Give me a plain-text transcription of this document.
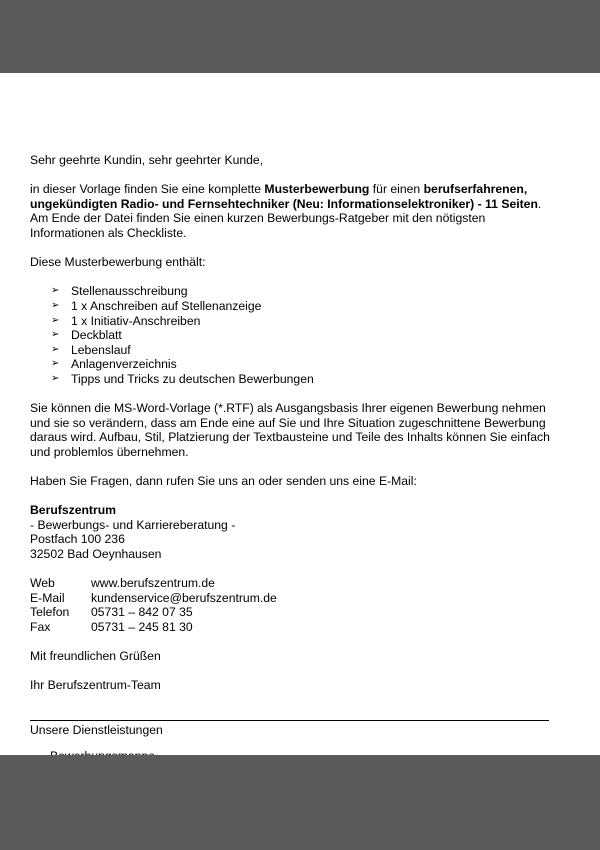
Sehr geehrte Kundin, sehr geehrter Kunde,

in dieser Vorlage finden Sie eine komplette Musterbewerbung für einen berufserfahrenen, ungekündigten Radio- und Fernsehtechniker (Neu: Informationselektroniker) - 11 Seiten. Am Ende der Datei finden Sie einen kurzen Bewerbungs-Ratgeber mit den nötigsten Informationen als Checkliste.

Diese Musterbewerbung enthält:

➢ Stellenausschreibung
➢ 1 x Anschreiben auf Stellenanzeige
➢ 1 x Initiativ-Anschreiben
➢ Deckblatt
➢ Lebenslauf
➢ Anlagenverzeichnis
➢ Tipps und Tricks zu deutschen Bewerbungen

Sie können die MS-Word-Vorlage (*.RTF) als Ausgangsbasis Ihrer eigenen Bewerbung nehmen und sie so verändern, dass am Ende eine auf Sie und Ihre Situation zugeschnittene Bewerbung daraus wird. Aufbau, Stil, Platzierung der Textbausteine und Teile des Inhalts können Sie einfach und problemlos übernehmen.

Haben Sie Fragen, dann rufen Sie uns an oder senden uns eine E-Mail:

Berufszentrum

- Bewerbungs- und Karriereberatung -

Postfach 100 236

32502 Bad Oeynhausen

Web	www.berufszentrum.de
E-Mail	kundenservice@berufszentrum.de
Telefon	05731 – 842 07 35
Fax	05731 – 245 81 30

Mit freundlichen Grüßen

Ihr Berufszentrum-Team

Unsere Dienstleistungen
